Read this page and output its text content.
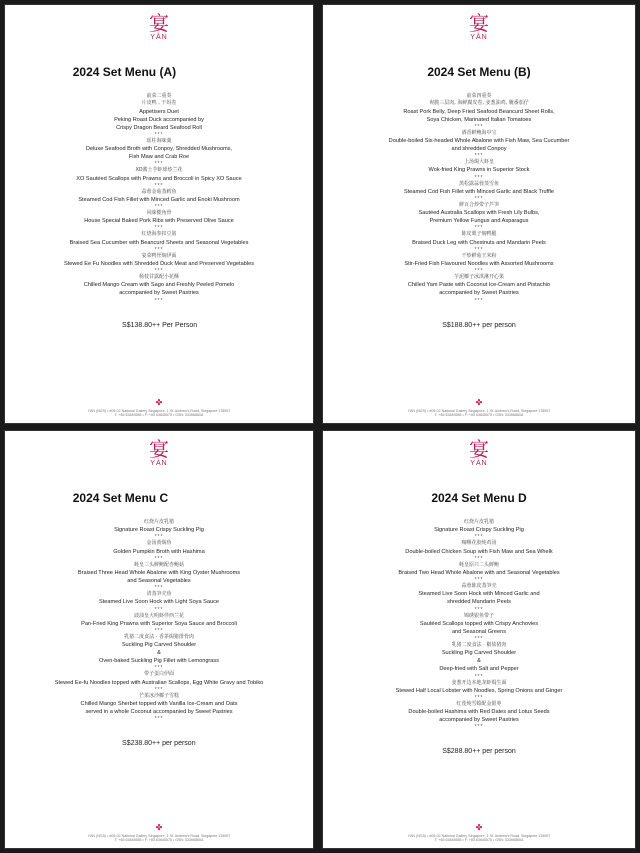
宴
YÀN
2024 Set Menu (A)
前菜二重奏
片皮鸭 , 干妈卷
Appetisers Duet
Peking Roast Duck accompanied by
Crispy Dragon Beard Seafood Roll
***
瑶柱海味羹
Deluxe Seafood Broth with Conpoy, Shredded Mushrooms,
Fish Maw and Crab Roe
***
XO酱土芋虾球炒兰花
XO Sautéed Scallops with Prawns and Broccoli in Spicy XO Sauce
***
蒜蓉金菇蒸鳕鱼
Steamed Cod Fish Fillet with Minced Garlic and Enoki Mushroom
***
风味榄角骨
House Special Baked Pork Ribs with Preserved Olive Sauce
***
红烧海参扣豆筋
Braised Sea Cucumber with Beancurd Sheets and Seasonal Vegetables
***
宴菜鸭丝焖伊面
Stewed Ee Fu Noodles with Shredded Duck Meat and Preserved Vegetables
***
杨枝甘露配小花酥
Chilled Mango Cream with Sago and Freshly Peeled Pomelo
accompanied by Sweet Pastries
***
S$138.80++ Per Person
✤
YÀN (NGS) • #05-02 National Gallery Singapore, 1 St. Andrew's Road, Singapore 178957
T: +65 63845585 • F: +65 63845575 • GSN: 53366860A
宴
YÀN
2024 Set Menu (B)
前菜四重奏
爽脆三层肉, 海鲜腐皮卷, 姜葱油鸡, 腌番茄仔
Roast Pork Belly, Deep Fried Seafood Beancurd Sheet Rolls,
Soya Chicken, Marinated Italian Tomatoes
***
酒香鲜鲍海中宝
Double-boiled Six-headed Whole Abalone with Fish Maw, Sea Cucumber
and shredded Conpoy
***
上汤焗大虾皇
Wok-fried King Prawns in Superior Stock
***
黑松露蒜蓉蒸雪鱼
Steamed Cod Fish Fillet with Minced Garlic and Black Truffle
***
鲜百合炒带子芦笋
Sautéed Australia Scallops with Fresh Lily Bulbs,
Premium Yellow Fungus and Asparagus
***
陈皮栗子焖鸭腿
Braised Duck Leg with Chestnuts and Mandarin Peels
***
干炒鲜菇王米粉
Stir-Fried Fish Flavoured Noodles with Assorted Mushrooms
***
芋泥椰子冰淇淋开心果
Chilled Yam Paste with Coconut Ice-Cream and Pistachio
accompanied by Sweet Pastries
***
S$188.80++ per person
✤
YÀN (NGS) • #05-02 National Gallery Singapore, 1 St. Andrew's Road, Singapore 178957
T: +65 63845585 • F: +65 63845575 • GSN: 53366860A
宴
YÀN
2024 Set Menu C
红烧片皮乳猪
Signature Roast Crispy Suckling Pig
***
金汤黄焖鱼
Golden Pumpkin Broth with Hashima
***
蚝皇三头鲜鲍配杏鲍菇
Braised Three Head Whole Abalone with King Oyster Mushrooms
and Seasonal Vegetables
***
清蒸笋壳鱼
Steamed Live Soon Hock with Light Soya Sauce
***
豉油皇大明虾伴西兰花
Pan-Fried King Prawns with Superior Soya Sauce and Broccoli
***
乳猪二度食法 · 香茅焗猪排骨肉
Suckling Pig Carved Shoulder
&
Oven-baked Suckling Pig Fillet with Lemongrass
***
带子蛋白伊面
Stewed Ee-fu Noodles topped with Australian Scallops, Egg White Gravy and Tobiko
***
芒果冰沙椰子雪糕
Chilled Mango Sherbet topped with Vanilla Ice-Cream and Oats
served in a whole Coconut accompanied by Sweet Pastries
***
S$238.80++ per person
✤
YÀN (NGS) • #05-02 National Gallery Singapore, 1 St. Andrew's Road, Singapore 178957
T: +65 63845585 • F: +65 63845575 • GSN: 53366860A
宴
YÀN
2024 Set Menu D
红烧片皮乳猪
Signature Roast Crispy Suckling Pig
***
咖喱花胶炖鸡汤
Double-boiled Chicken Soup with Fish Maw and Sea Whelk
***
蚝皇原只二头鲜鲍
Braised Two Head Whole Abalone with and Seasonal Vegetables
***
蒜蓉陈皮蒸笋壳
Steamed Live Soon Hock with Minced Garlic and
shredded Mandarin Peels
***
锦绣银鱼带子
Sautéed Scallops topped with Crispy Anchovies
and Seasonal Greens
***
乳猪二度食法 · 椒盐猪肉
Suckling Pig Carved Shoulder
&
Deep-fried with Salt and Pepper
***
姜葱开边本地龙虾焗生面
Stewed Half Local Lobster with Noodles, Spring Onions and Ginger
***
红莲炖雪蛤配金银枣
Double-boiled Hashima with Red Dates and Lotus Seeds
accompanied by Sweet Pastries
***
S$288.80++ per person
✤
YÀN (NGS) • #05-02 National Gallery Singapore, 1 St. Andrew's Road, Singapore 178957
T: +65 63845585 • F: +65 63845575 • GSN: 53366860A
